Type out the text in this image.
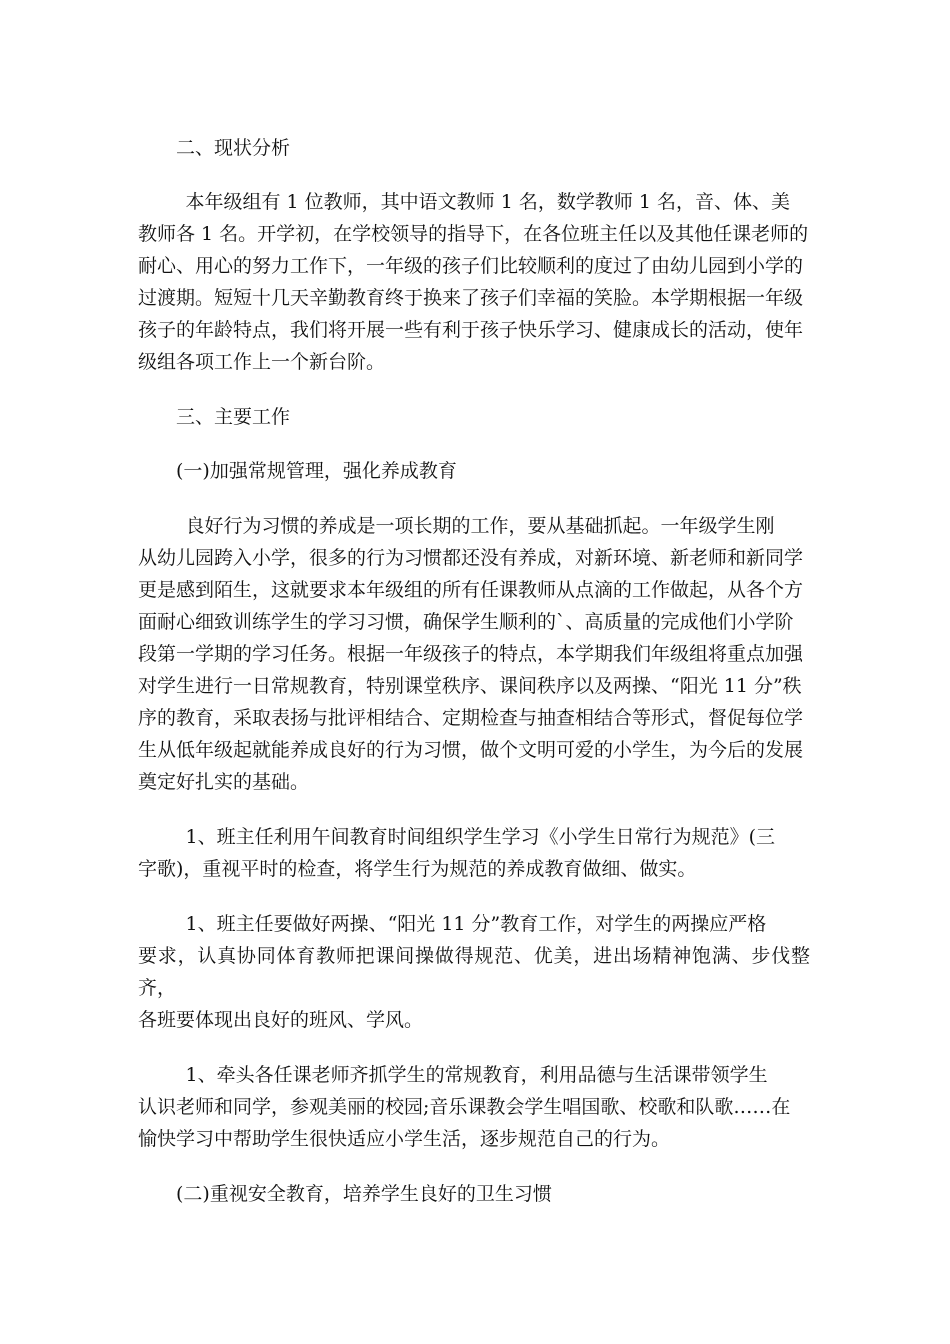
二、现状分析
本年级组有 1 位教师，其中语文教师 1 名，数学教师 1 名，音、体、美
教师各 1 名。开学初，在学校领导的指导下，在各位班主任以及其他任课老师的
耐心、用心的努力工作下，一年级的孩子们比较顺利的度过了由幼儿园到小学的
过渡期。短短十几天辛勤教育终于换来了孩子们幸福的笑脸。本学期根据一年级
孩子的年龄特点，我们将开展一些有利于孩子快乐学习、健康成长的活动，使年
级组各项工作上一个新台阶。
三、主要工作
(一)加强常规管理，强化养成教育
良好行为习惯的养成是一项长期的工作，要从基础抓起。一年级学生刚
从幼儿园跨入小学，很多的行为习惯都还没有养成，对新环境、新老师和新同学
更是感到陌生，这就要求本年级组的所有任课教师从点滴的工作做起，从各个方
面耐心细致训练学生的学习习惯，确保学生顺利的`、高质量的完成他们小学阶
段第一学期的学习任务。根据一年级孩子的特点，本学期我们年级组将重点加强
对学生进行一日常规教育，特别课堂秩序、课间秩序以及两操、“阳光 11 分”秩
序的教育，采取表扬与批评相结合、定期检查与抽查相结合等形式，督促每位学
生从低年级起就能养成良好的行为习惯，做个文明可爱的小学生，为今后的发展
奠定好扎实的基础。
1、班主任利用午间教育时间组织学生学习《小学生日常行为规范》(三
字歌)，重视平时的检查，将学生行为规范的养成教育做细、做实。
1、班主任要做好两操、“阳光 11 分”教育工作，对学生的两操应严格
要求，认真协同体育教师把课间操做得规范、优美，进出场精神饱满、步伐整齐，
各班要体现出良好的班风、学风。
1、牵头各任课老师齐抓学生的常规教育，利用品德与生活课带领学生
认识老师和同学，参观美丽的校园;音乐课教会学生唱国歌、校歌和队歌……在
愉快学习中帮助学生很快适应小学生活，逐步规范自己的行为。
(二)重视安全教育，培养学生良好的卫生习惯
